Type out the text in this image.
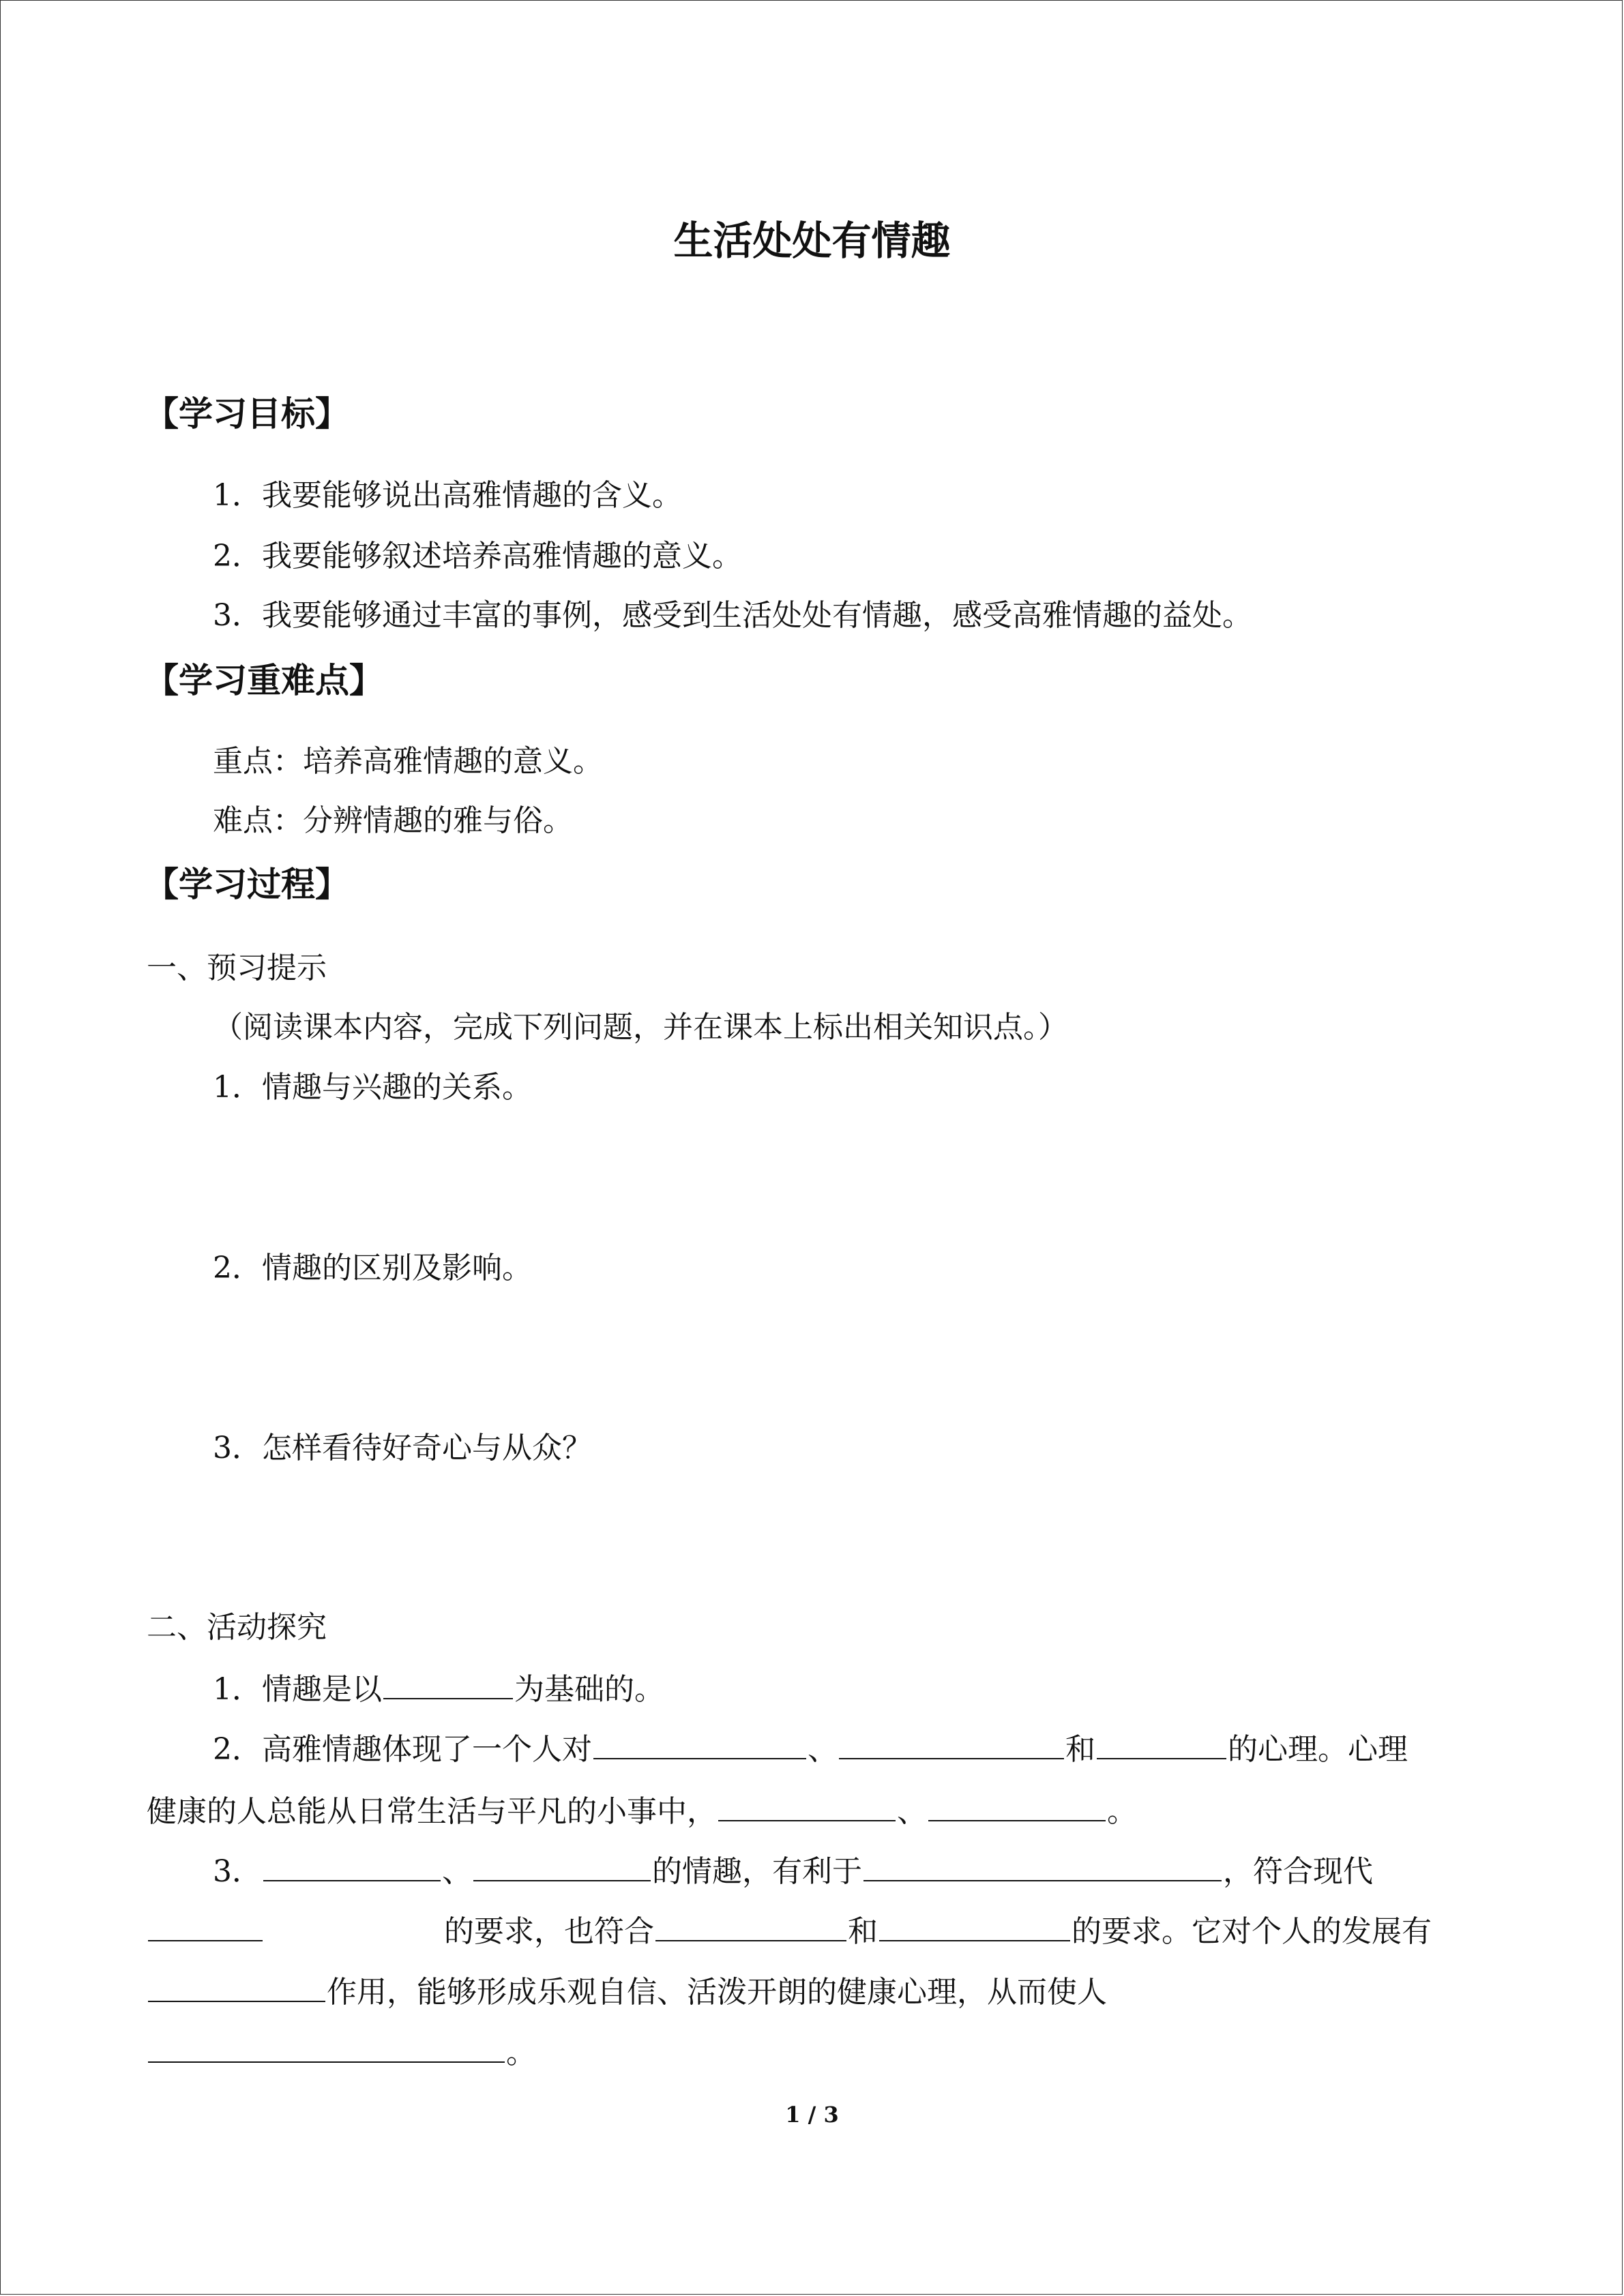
生活处处有情趣
【学习目标】
1．我要能够说出高雅情趣的含义。
2．我要能够叙述培养高雅情趣的意义。
3．我要能够通过丰富的事例，感受到生活处处有情趣，感受高雅情趣的益处。
【学习重难点】
重点：培养高雅情趣的意义。
难点：分辨情趣的雅与俗。
【学习过程】
一、预习提示
（阅读课本内容，完成下列问题，并在课本上标出相关知识点。）
1．情趣与兴趣的关系。
2．情趣的区别及影响。
3．怎样看待好奇心与从众？
二、活动探究
1．情趣是以	为基础的。
2．高雅情趣体现了一个人对	、	和	的心理。心理
健康的人总能从日常生活与平凡的小事中，	、	。
3．	、	的情趣，有利于	，符合现代
的要求，也符合	和	的要求。它对个人的发展有
作用，能够形成乐观自信、活泼开朗的健康心理，从而使人
。
1 / 3
